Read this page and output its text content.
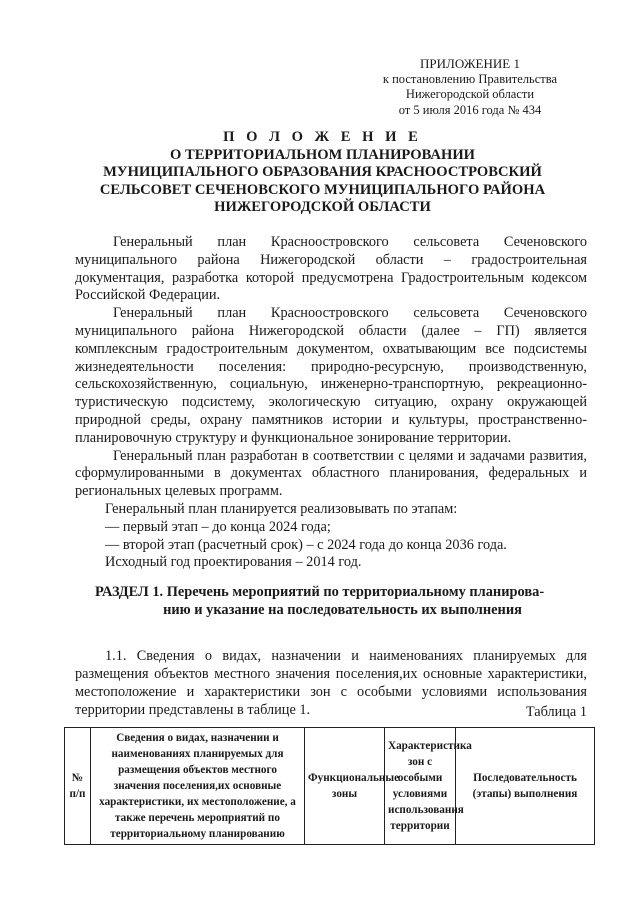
ПРИЛОЖЕНИЕ 1
к постановлению Правительства
Нижегородской области
от 5 июля 2016 года № 434
П О Л О Ж Е Н И Е
О ТЕРРИТОРИАЛЬНОМ ПЛАНИРОВАНИИ
МУНИЦИПАЛЬНОГО ОБРАЗОВАНИЯ КРАСНООСТРОВСКИЙ
СЕЛЬСОВЕТ СЕЧЕНОВСКОГО МУНИЦИПАЛЬНОГО РАЙОНА
НИЖЕГОРОДСКОЙ ОБЛАСТИ

Генеральный план Красноостровского сельсовета Сеченовского муниципального района Нижегородской области – градостроительная документация, разработка которой предусмотрена Градостроительным кодексом Российской Федерации.

Генеральный план Красноостровского сельсовета Сеченовского муниципального района Нижегородской области (далее – ГП) является комплексным градостроительным документом, охватывающим все подсистемы жизнедеятельности поселения: природно-ресурсную, производственную, сельскохозяйственную, социальную, инженерно-транспортную, рекреационно-туристическую подсистему, экологическую ситуацию, охрану окружающей природной среды, охрану памятников истории и культуры, пространственно-планировочную структуру и функциональное зонирование территории.

Генеральный план разработан в соответствии с целями и задачами развития, сформулированными в документах областного планирования, федеральных и региональных целевых программ.

Генеральный план планируется реализовывать по этапам:

— первый этап – до конца 2024 года;

— второй этап (расчетный срок) – с 2024 года до конца 2036 года.

Исходный год проектирования – 2014 год.

РАЗДЕЛ 1. Перечень мероприятий по территориальному планирова-
нию и указание на последовательность их выполнения

1.1. Сведения о видах, назначении и наименованиях планируемых для размещения объектов местного значения поселения,их основные характеристики, местоположение и характеристики зон с особыми условиями использования территории представлены в таблице 1.	Таблица 1
№ п/п	Сведения о видах, назначении и наименованиях планируемых для размещения объектов местного значения поселения,их основные характеристики, их местоположение, а также перечень мероприятий по территориальному планированию	Функциональные зоны	Характеристика зон с особыми условиями использования территории	Последовательность (этапы) выполнения
